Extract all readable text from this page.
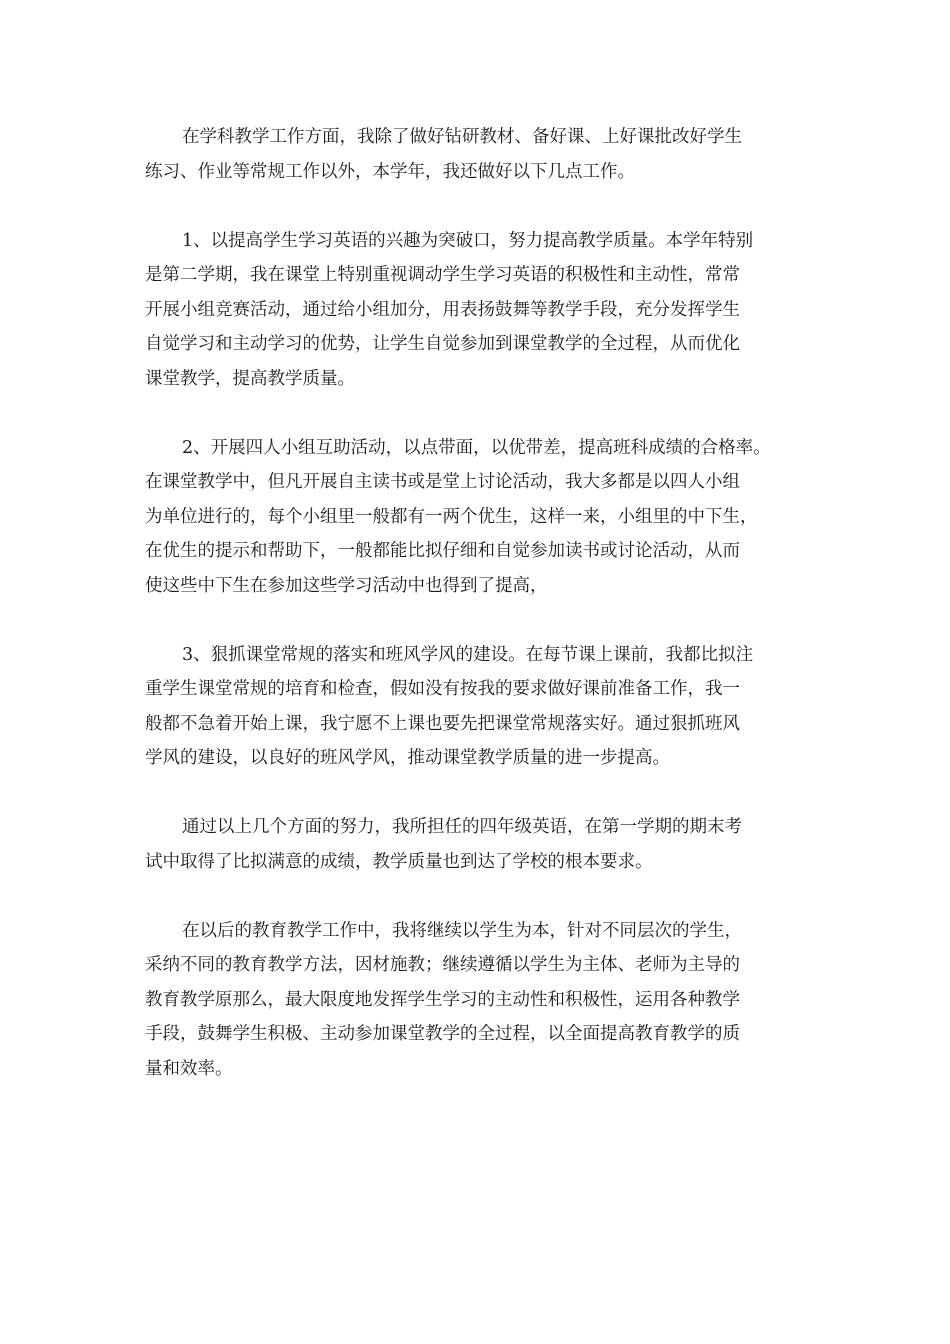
在学科教学工作方面，我除了做好钻研教材、备好课、上好课批改好学生
练习、作业等常规工作以外，本学年，我还做好以下几点工作。

1、以提高学生学习英语的兴趣为突破口，努力提高教学质量。本学年特别
是第二学期，我在课堂上特别重视调动学生学习英语的积极性和主动性，常常
开展小组竞赛活动，通过给小组加分，用表扬鼓舞等教学手段，充分发挥学生
自觉学习和主动学习的优势，让学生自觉参加到课堂教学的全过程，从而优化
课堂教学，提高教学质量。

2、开展四人小组互助活动，以点带面，以优带差，提高班科成绩的合格率。
在课堂教学中，但凡开展自主读书或是堂上讨论活动，我大多都是以四人小组
为单位进行的，每个小组里一般都有一两个优生，这样一来，小组里的中下生，
在优生的提示和帮助下，一般都能比拟仔细和自觉参加读书或讨论活动，从而
使这些中下生在参加这些学习活动中也得到了提高，

3、狠抓课堂常规的落实和班风学风的建设。在每节课上课前，我都比拟注
重学生课堂常规的培育和检查，假如没有按我的要求做好课前准备工作，我一
般都不急着开始上课，我宁愿不上课也要先把课堂常规落实好。通过狠抓班风
学风的建设，以良好的班风学风，推动课堂教学质量的进一步提高。

通过以上几个方面的努力，我所担任的四年级英语，在第一学期的期末考
试中取得了比拟满意的成绩，教学质量也到达了学校的根本要求。

在以后的教育教学工作中，我将继续以学生为本，针对不同层次的学生，
采纳不同的教育教学方法，因材施教；继续遵循以学生为主体、老师为主导的
教育教学原那么，最大限度地发挥学生学习的主动性和积极性，运用各种教学
手段，鼓舞学生积极、主动参加课堂教学的全过程，以全面提高教育教学的质
量和效率。
